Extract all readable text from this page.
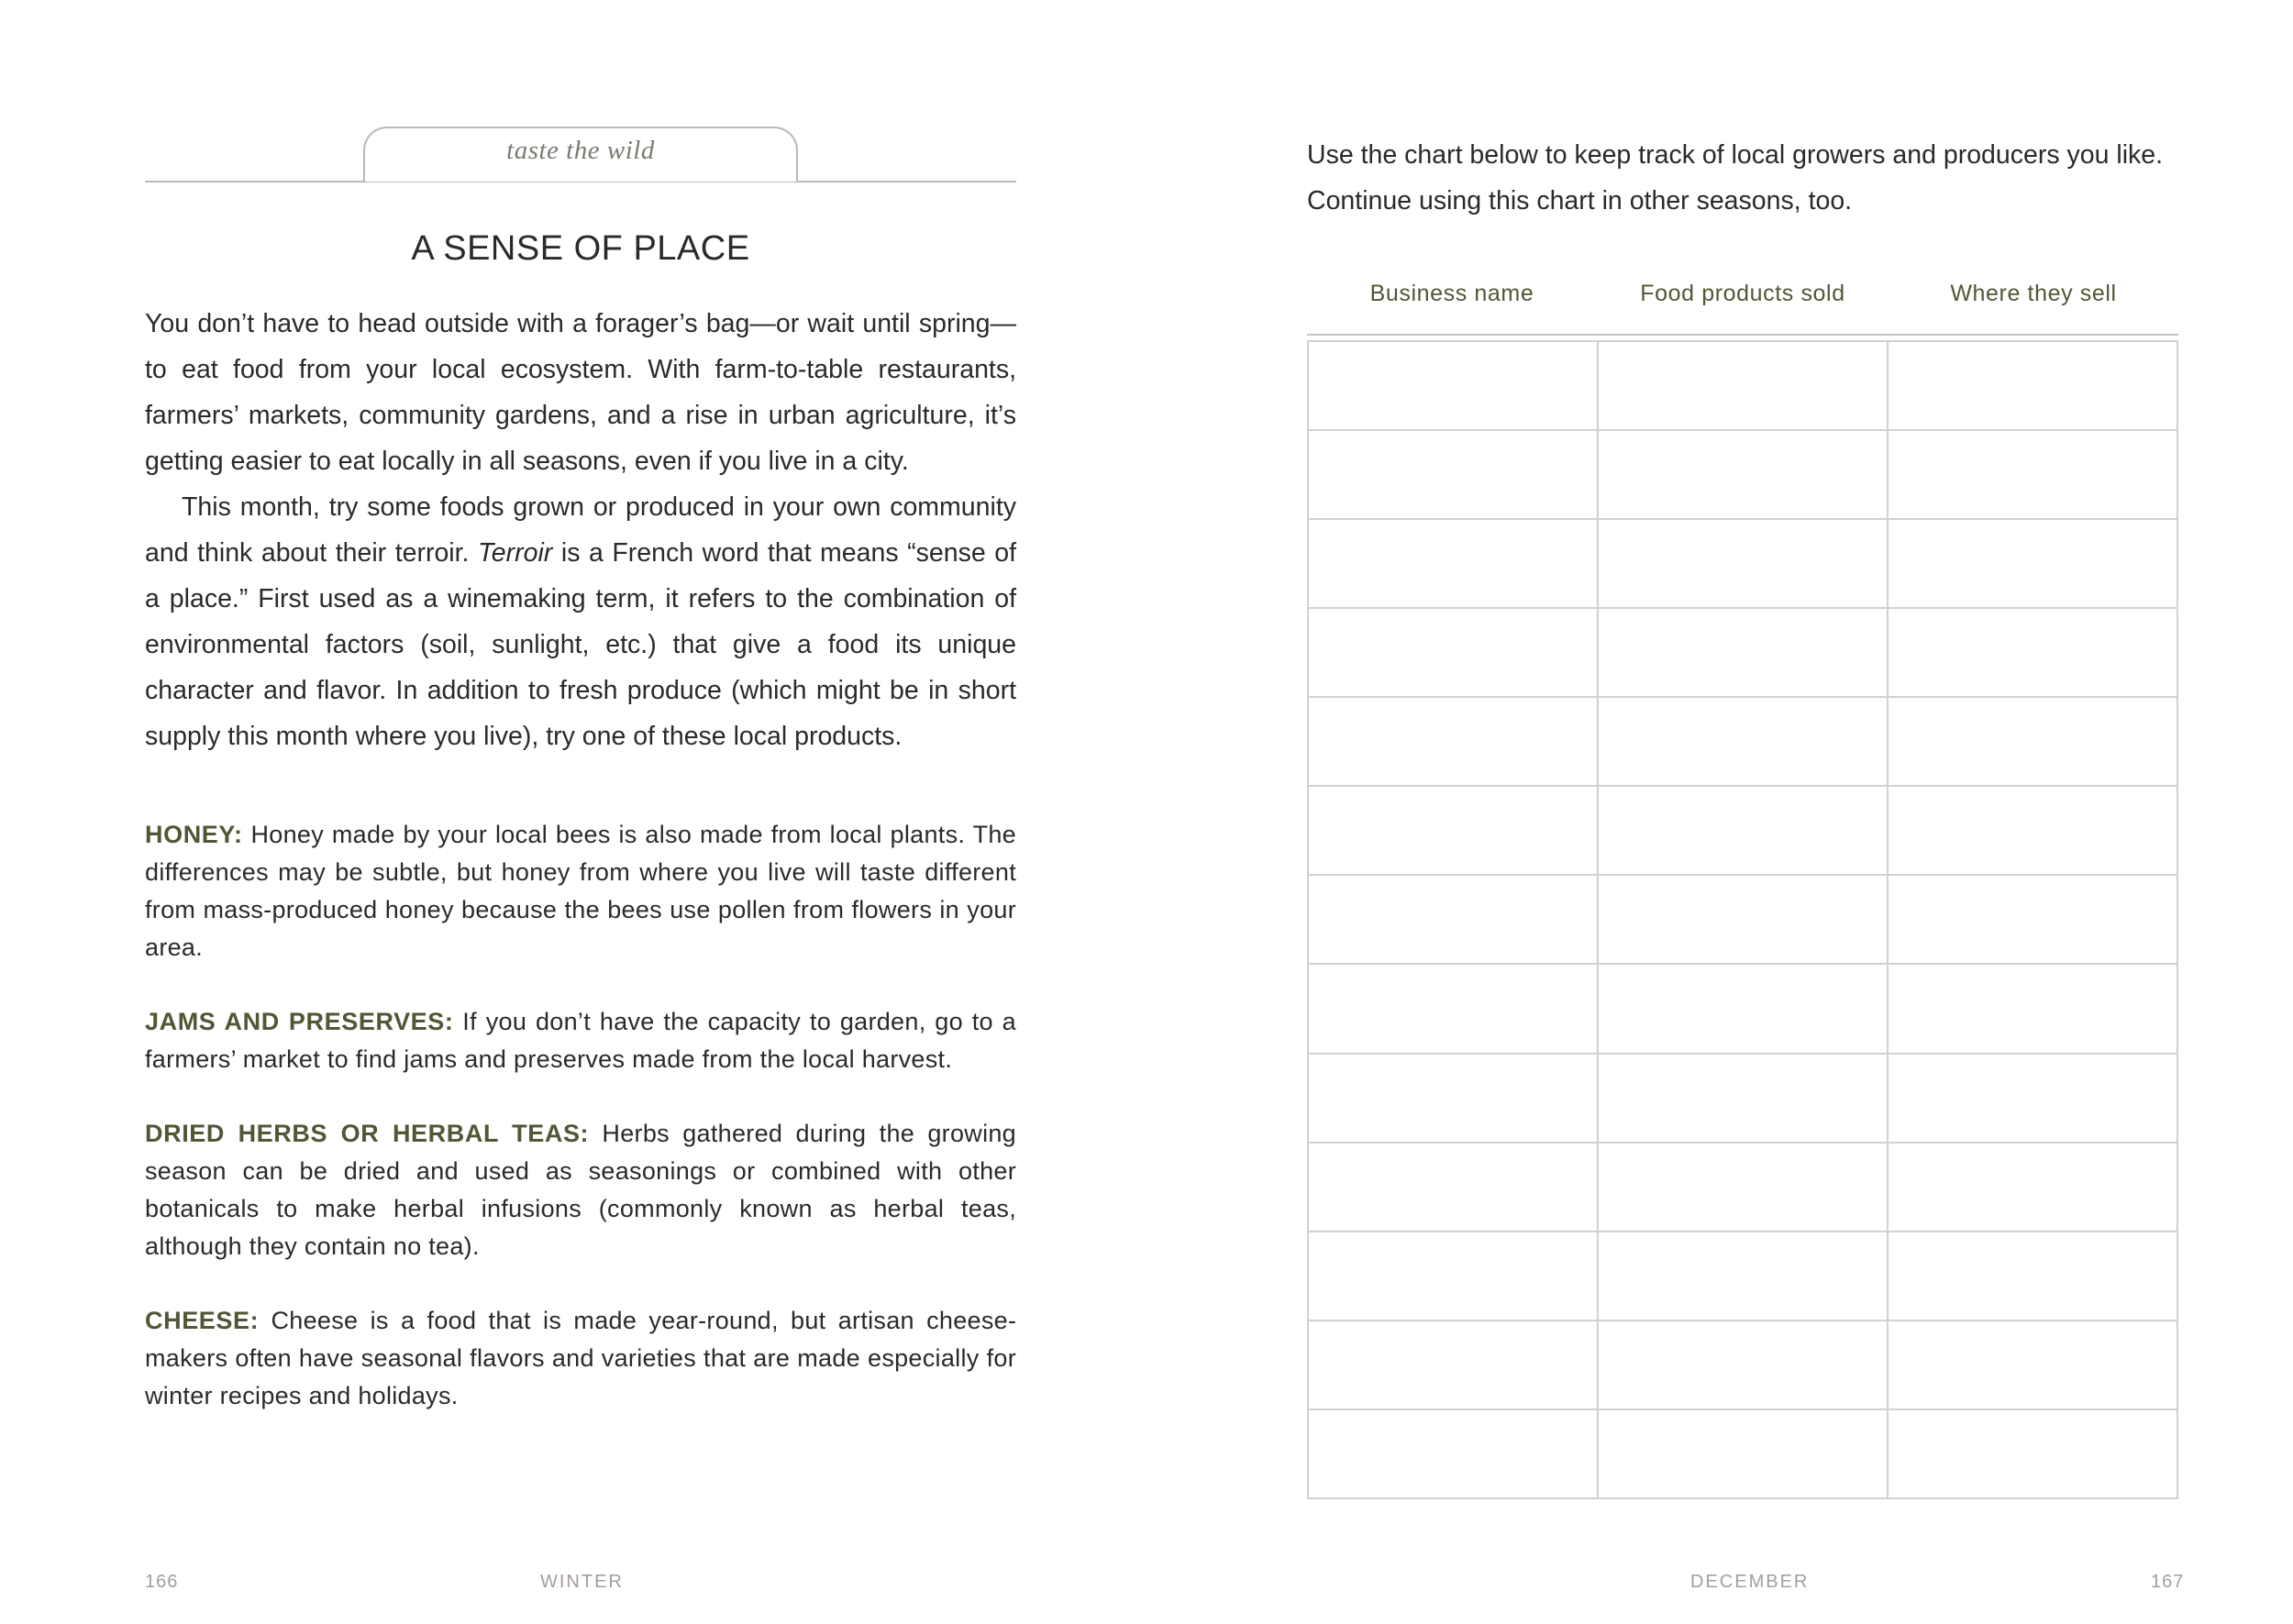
taste the wild
A SENSE OF PLACE

You don’t have to head outside with a forager’s bag—or wait until spring—to eat food from your local ecosystem. With farm-to-table restaurants, farmers’ markets, community gardens, and a rise in urban agriculture, it’s getting easier to eat locally in all seasons, even if you live in a city.

This month, try some foods grown or produced in your own community and think about their terroir. Terroir is a French word that means “sense of a place.” First used as a winemaking term, it refers to the combination of environmental factors (soil, sunlight, etc.) that give a food its unique character and flavor. In addition to fresh produce (which might be in short supply this month where you live), try one of these local products.

HONEY: Honey made by your local bees is also made from local plants. The differences may be subtle, but honey from where you live will taste different from mass-produced honey because the bees use pollen from flowers in your area.

JAMS AND PRESERVES: If you don’t have the capacity to garden, go to a farmers’ market to find jams and preserves made from the local harvest.

DRIED HERBS OR HERBAL TEAS: Herbs gathered during the growing season can be dried and used as seasonings or combined with other botanicals to make herbal infusions (commonly known as herbal teas, although they contain no tea).

CHEESE: Cheese is a food that is made year-round, but artisan cheesemakers often have seasonal flavors and varieties that are made especially for winter recipes and holidays.

166	WINTER

Use the chart below to keep track of local growers and producers you like. Continue using this chart in other seasons, too.

Business name	Food products sold	Where they sell

DECEMBER	167
